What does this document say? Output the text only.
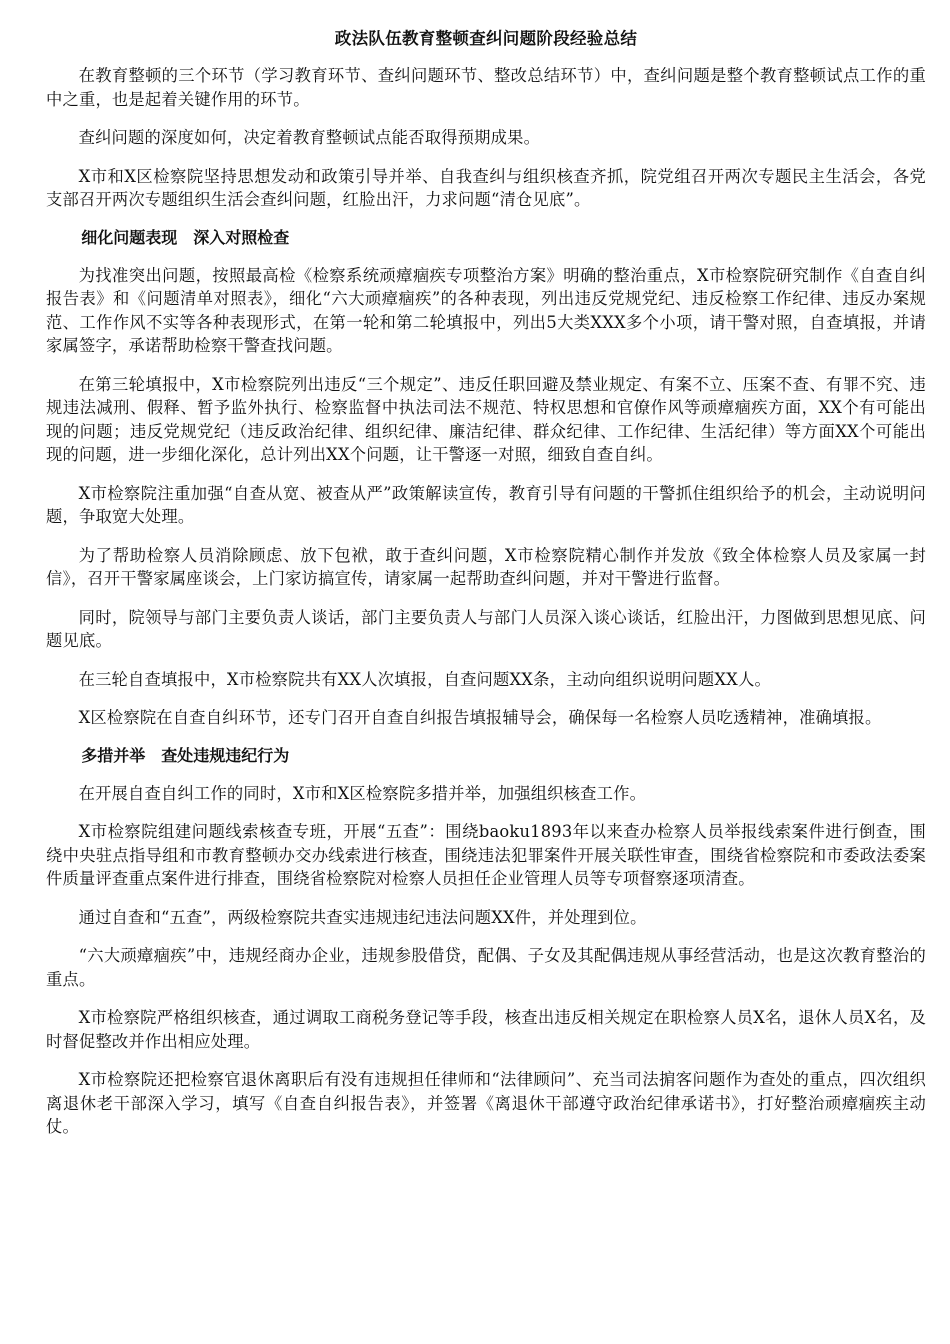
政法队伍教育整顿查纠问题阶段经验总结

在教育整顿的三个环节（学习教育环节、查纠问题环节、整改总结环节）中，查纠问题是整个教育整顿试点工作的重中之重，也是起着关键作用的环节。

查纠问题的深度如何，决定着教育整顿试点能否取得预期成果。

X市和X区检察院坚持思想发动和政策引导并举、自我查纠与组织核查齐抓，院党组召开两次专题民主生活会，各党支部召开两次专题组织生活会查纠问题，红脸出汗，力求问题“清仓见底”。

细化问题表现　深入对照检查

为找准突出问题，按照最高检《检察系统顽瘴痼疾专项整治方案》明确的整治重点，X市检察院研究制作《自查自纠报告表》和《问题清单对照表》，细化“六大顽瘴痼疾”的各种表现，列出违反党规党纪、违反检察工作纪律、违反办案规范、工作作风不实等各种表现形式，在第一轮和第二轮填报中，列出5大类XXX多个小项，请干警对照，自查填报，并请家属签字，承诺帮助检察干警查找问题。

在第三轮填报中，X市检察院列出违反“三个规定”、违反任职回避及禁业规定、有案不立、压案不查、有罪不究、违规违法减刑、假释、暂予监外执行、检察监督中执法司法不规范、特权思想和官僚作风等顽瘴痼疾方面，XX个有可能出现的问题；违反党规党纪（违反政治纪律、组织纪律、廉洁纪律、群众纪律、工作纪律、生活纪律）等方面XX个可能出现的问题，进一步细化深化，总计列出XX个问题，让干警逐一对照，细致自查自纠。

X市检察院注重加强“自查从宽、被查从严”政策解读宣传，教育引导有问题的干警抓住组织给予的机会，主动说明问题，争取宽大处理。

为了帮助检察人员消除顾虑、放下包袱，敢于查纠问题，X市检察院精心制作并发放《致全体检察人员及家属一封信》，召开干警家属座谈会，上门家访搞宣传，请家属一起帮助查纠问题，并对干警进行监督。

同时，院领导与部门主要负责人谈话，部门主要负责人与部门人员深入谈心谈话，红脸出汗，力图做到思想见底、问题见底。

在三轮自查填报中，X市检察院共有XX人次填报，自查问题XX条，主动向组织说明问题XX人。

X区检察院在自查自纠环节，还专门召开自查自纠报告填报辅导会，确保每一名检察人员吃透精神，准确填报。

多措并举　查处违规违纪行为

在开展自查自纠工作的同时，X市和X区检察院多措并举，加强组织核查工作。

X市检察院组建问题线索核查专班，开展“五查”：围绕baoku1893年以来查办检察人员举报线索案件进行倒查，围绕中央驻点指导组和市教育整顿办交办线索进行核查，围绕违法犯罪案件开展关联性审查，围绕省检察院和市委政法委案件质量评查重点案件进行排查，围绕省检察院对检察人员担任企业管理人员等专项督察逐项清查。

通过自查和“五查”，两级检察院共查实违规违纪违法问题XX件，并处理到位。

“六大顽瘴痼疾”中，违规经商办企业，违规参股借贷，配偶、子女及其配偶违规从事经营活动，也是这次教育整治的重点。

X市检察院严格组织核查，通过调取工商税务登记等手段，核查出违反相关规定在职检察人员X名，退休人员X名，及时督促整改并作出相应处理。

X市检察院还把检察官退休离职后有没有违规担任律师和“法律顾问”、充当司法掮客问题作为查处的重点，四次组织离退休老干部深入学习，填写《自查自纠报告表》，并签署《离退休干部遵守政治纪律承诺书》，打好整治顽瘴痼疾主动仗。
